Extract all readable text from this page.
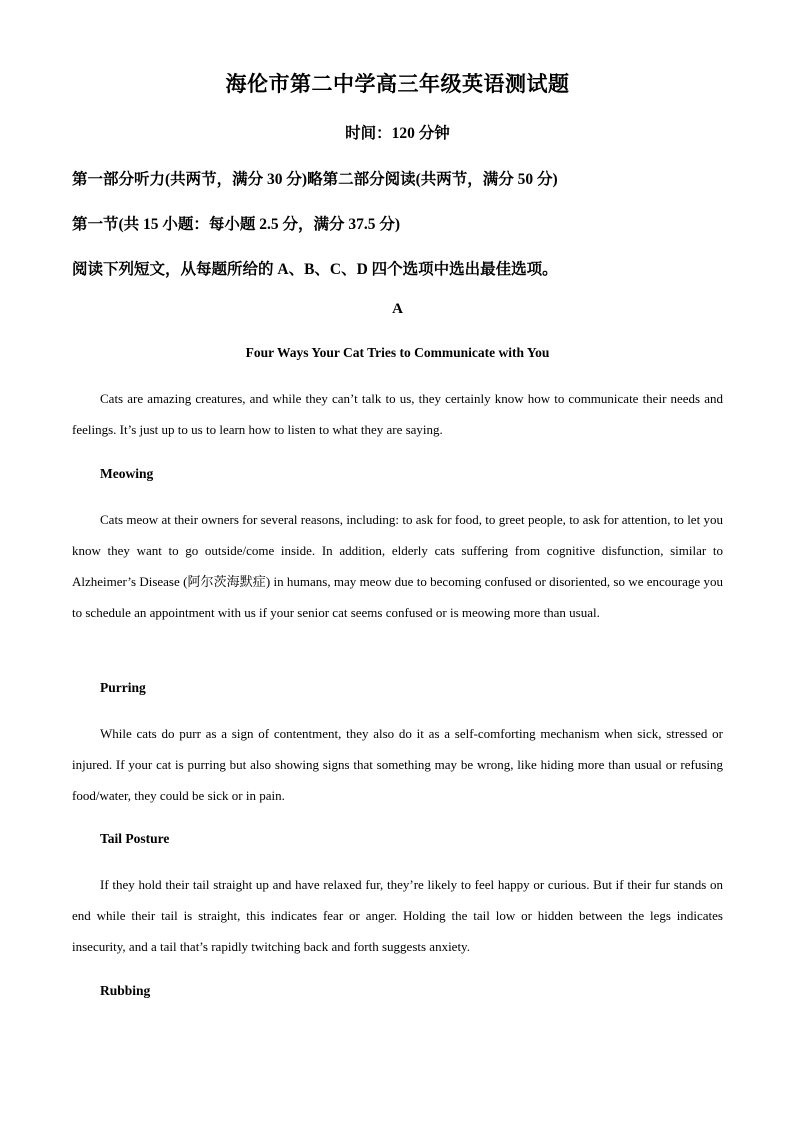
海伦市第二中学高三年级英语测试题
时间：120 分钟
第一部分听力(共两节，满分 30 分)略第二部分阅读(共两节，满分 50 分)
第一节(共 15 小题：每小题 2.5 分，满分 37.5 分)
阅读下列短文，从每题所给的 A、B、C、D 四个选项中选出最佳选项。
A
Four Ways Your Cat Tries to Communicate with You

Cats are amazing creatures, and while they can’t talk to us, they certainly know how to communicate their needs and feelings. It’s just up to us to learn how to listen to what they are saying.

Meowing

Cats meow at their owners for several reasons, including: to ask for food, to greet people, to ask for attention, to let you know they want to go outside/come inside. In addition, elderly cats suffering from cognitive disfunction, similar to Alzheimer’s Disease (阿尔茨海默症) in humans, may meow due to becoming confused or disoriented, so we encourage you to schedule an appointment with us if your senior cat seems confused or is meowing more than usual.

Purring

While cats do purr as a sign of contentment, they also do it as a self-comforting mechanism when sick, stressed or injured. If your cat is purring but also showing signs that something may be wrong, like hiding more than usual or refusing food/water, they could be sick or in pain.

Tail Posture

If they hold their tail straight up and have relaxed fur, they’re likely to feel happy or curious. But if their fur stands on end while their tail is straight, this indicates fear or anger. Holding the tail low or hidden between the legs indicates insecurity, and a tail that’s rapidly twitching back and forth suggests anxiety.

Rubbing
